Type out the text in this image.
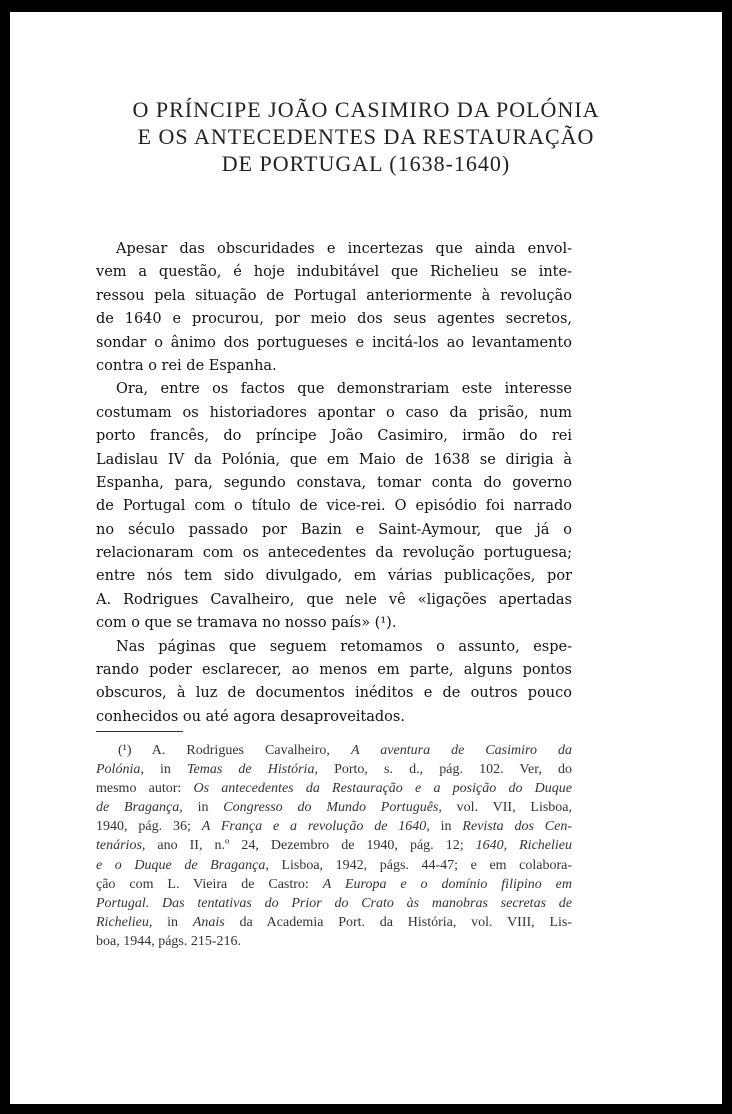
O PRÍNCIPE JOÃO CASIMIRO DA POLÓNIA
E OS ANTECEDENTES DA RESTAURAÇÃO
DE PORTUGAL (1638-1640)
Apesar das obscuridades e incertezas que ainda envol-
vem a questão, é hoje indubitável que Richelieu se inte-
ressou pela situação de Portugal anteriormente à revolução
de 1640 e procurou, por meio dos seus agentes secretos,
sondar o ânimo dos portugueses e incitá-los ao levantamento
contra o rei de Espanha.
Ora, entre os factos que demonstrariam este interesse
costumam os historiadores apontar o caso da prisão, num
porto francês, do príncipe João Casimiro, irmão do rei
Ladislau IV da Polónia, que em Maio de 1638 se dirigia à
Espanha, para, segundo constava, tomar conta do governo
de Portugal com o título de vice-rei. O episódio foi narrado
no século passado por Bazin e Saint-Aymour, que já o
relacionaram com os antecedentes da revolução portuguesa;
entre nós tem sido divulgado, em várias publicações, por
A. Rodrigues Cavalheiro, que nele vê «ligações apertadas
com o que se tramava no nosso país» (¹).
Nas páginas que seguem retomamos o assunto, espe-
rando poder esclarecer, ao menos em parte, alguns pontos
obscuros, à luz de documentos inéditos e de outros pouco
conhecidos ou até agora desaproveitados.
(¹) A. Rodrigues Cavalheiro, A aventura de Casimiro da
Polónia, in Temas de História, Porto, s. d., pág. 102. Ver, do
mesmo autor: Os antecedentes da Restauração e a posição do Duque
de Bragança, in Congresso do Mundo Português, vol. VII, Lisboa,
1940, pág. 36; A França e a revolução de 1640, in Revista dos Cen-
tenários, ano II, n.º 24, Dezembro de 1940, pág. 12; 1640, Richelieu
e o Duque de Bragança, Lisboa, 1942, págs. 44-47; e em colabora-
ção com L. Vieira de Castro: A Europa e o domínio filipino em
Portugal. Das tentativas do Prior do Crato às manobras secretas de
Richelieu, in Anais da Academia Port. da História, vol. VIII, Lis-
boa, 1944, págs. 215-216.
